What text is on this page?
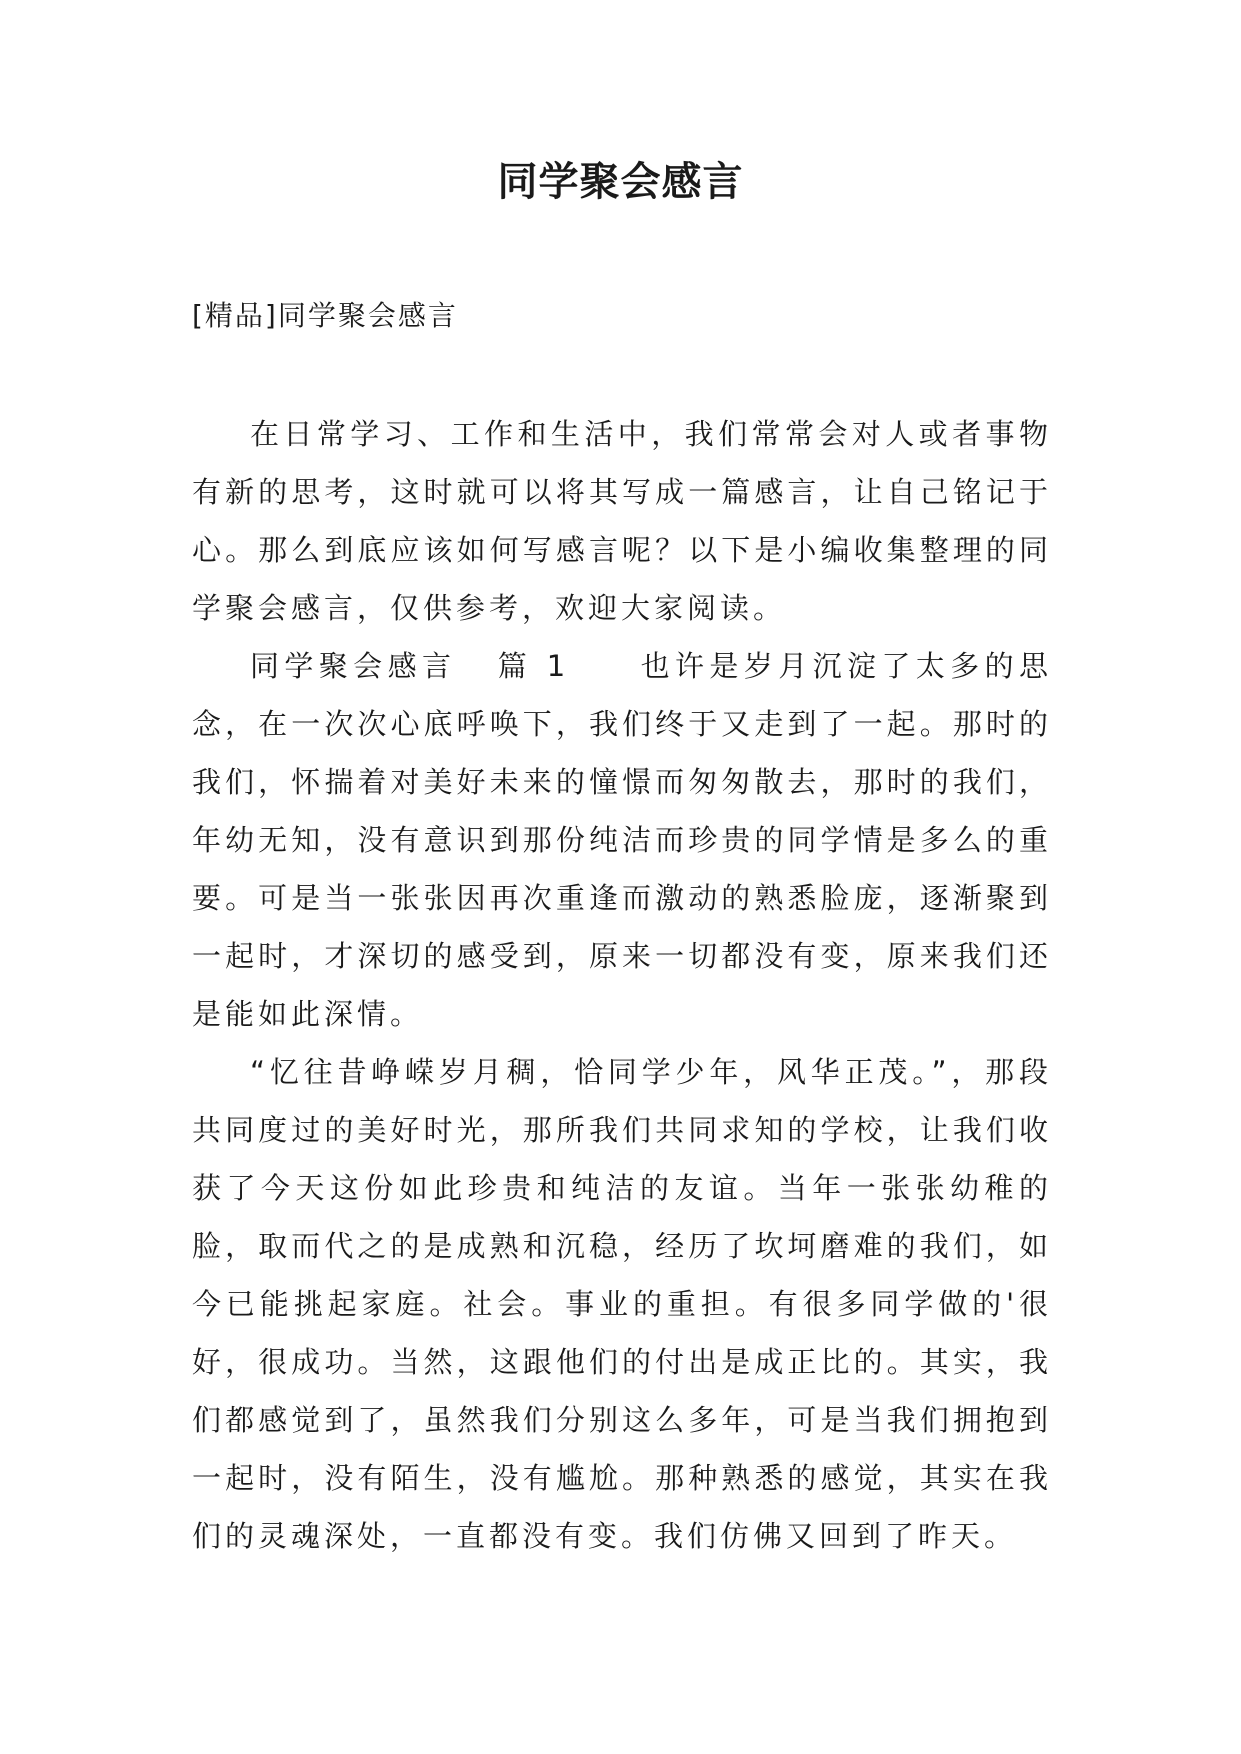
同学聚会感言
[精品]同学聚会感言

在日常学习、工作和生活中，我们常常会对人或者事物有新的思考，这时就可以将其写成一篇感言，让自己铭记于心。那么到底应该如何写感言呢？以下是小编收集整理的同学聚会感言，仅供参考，欢迎大家阅读。

同学聚会感言 篇 1 也许是岁月沉淀了太多的思念，在一次次心底呼唤下，我们终于又走到了一起。那时的我们，怀揣着对美好未来的憧憬而匆匆散去，那时的我们，年幼无知，没有意识到那份纯洁而珍贵的同学情是多么的重要。可是当一张张因再次重逢而激动的熟悉脸庞，逐渐聚到一起时，才深切的感受到，原来一切都没有变，原来我们还是能如此深情。

“忆往昔峥嵘岁月稠，恰同学少年，风华正茂。”，那段共同度过的美好时光，那所我们共同求知的学校，让我们收获了今天这份如此珍贵和纯洁的友谊。当年一张张幼稚的脸，取而代之的是成熟和沉稳，经历了坎坷磨难的我们，如今已能挑起家庭。社会。事业的重担。有很多同学做的'很好，很成功。当然，这跟他们的付出是成正比的。其实，我们都感觉到了，虽然我们分别这么多年，可是当我们拥抱到一起时，没有陌生，没有尴尬。那种熟悉的感觉，其实在我们的灵魂深处，一直都没有变。我们仿佛又回到了昨天。
